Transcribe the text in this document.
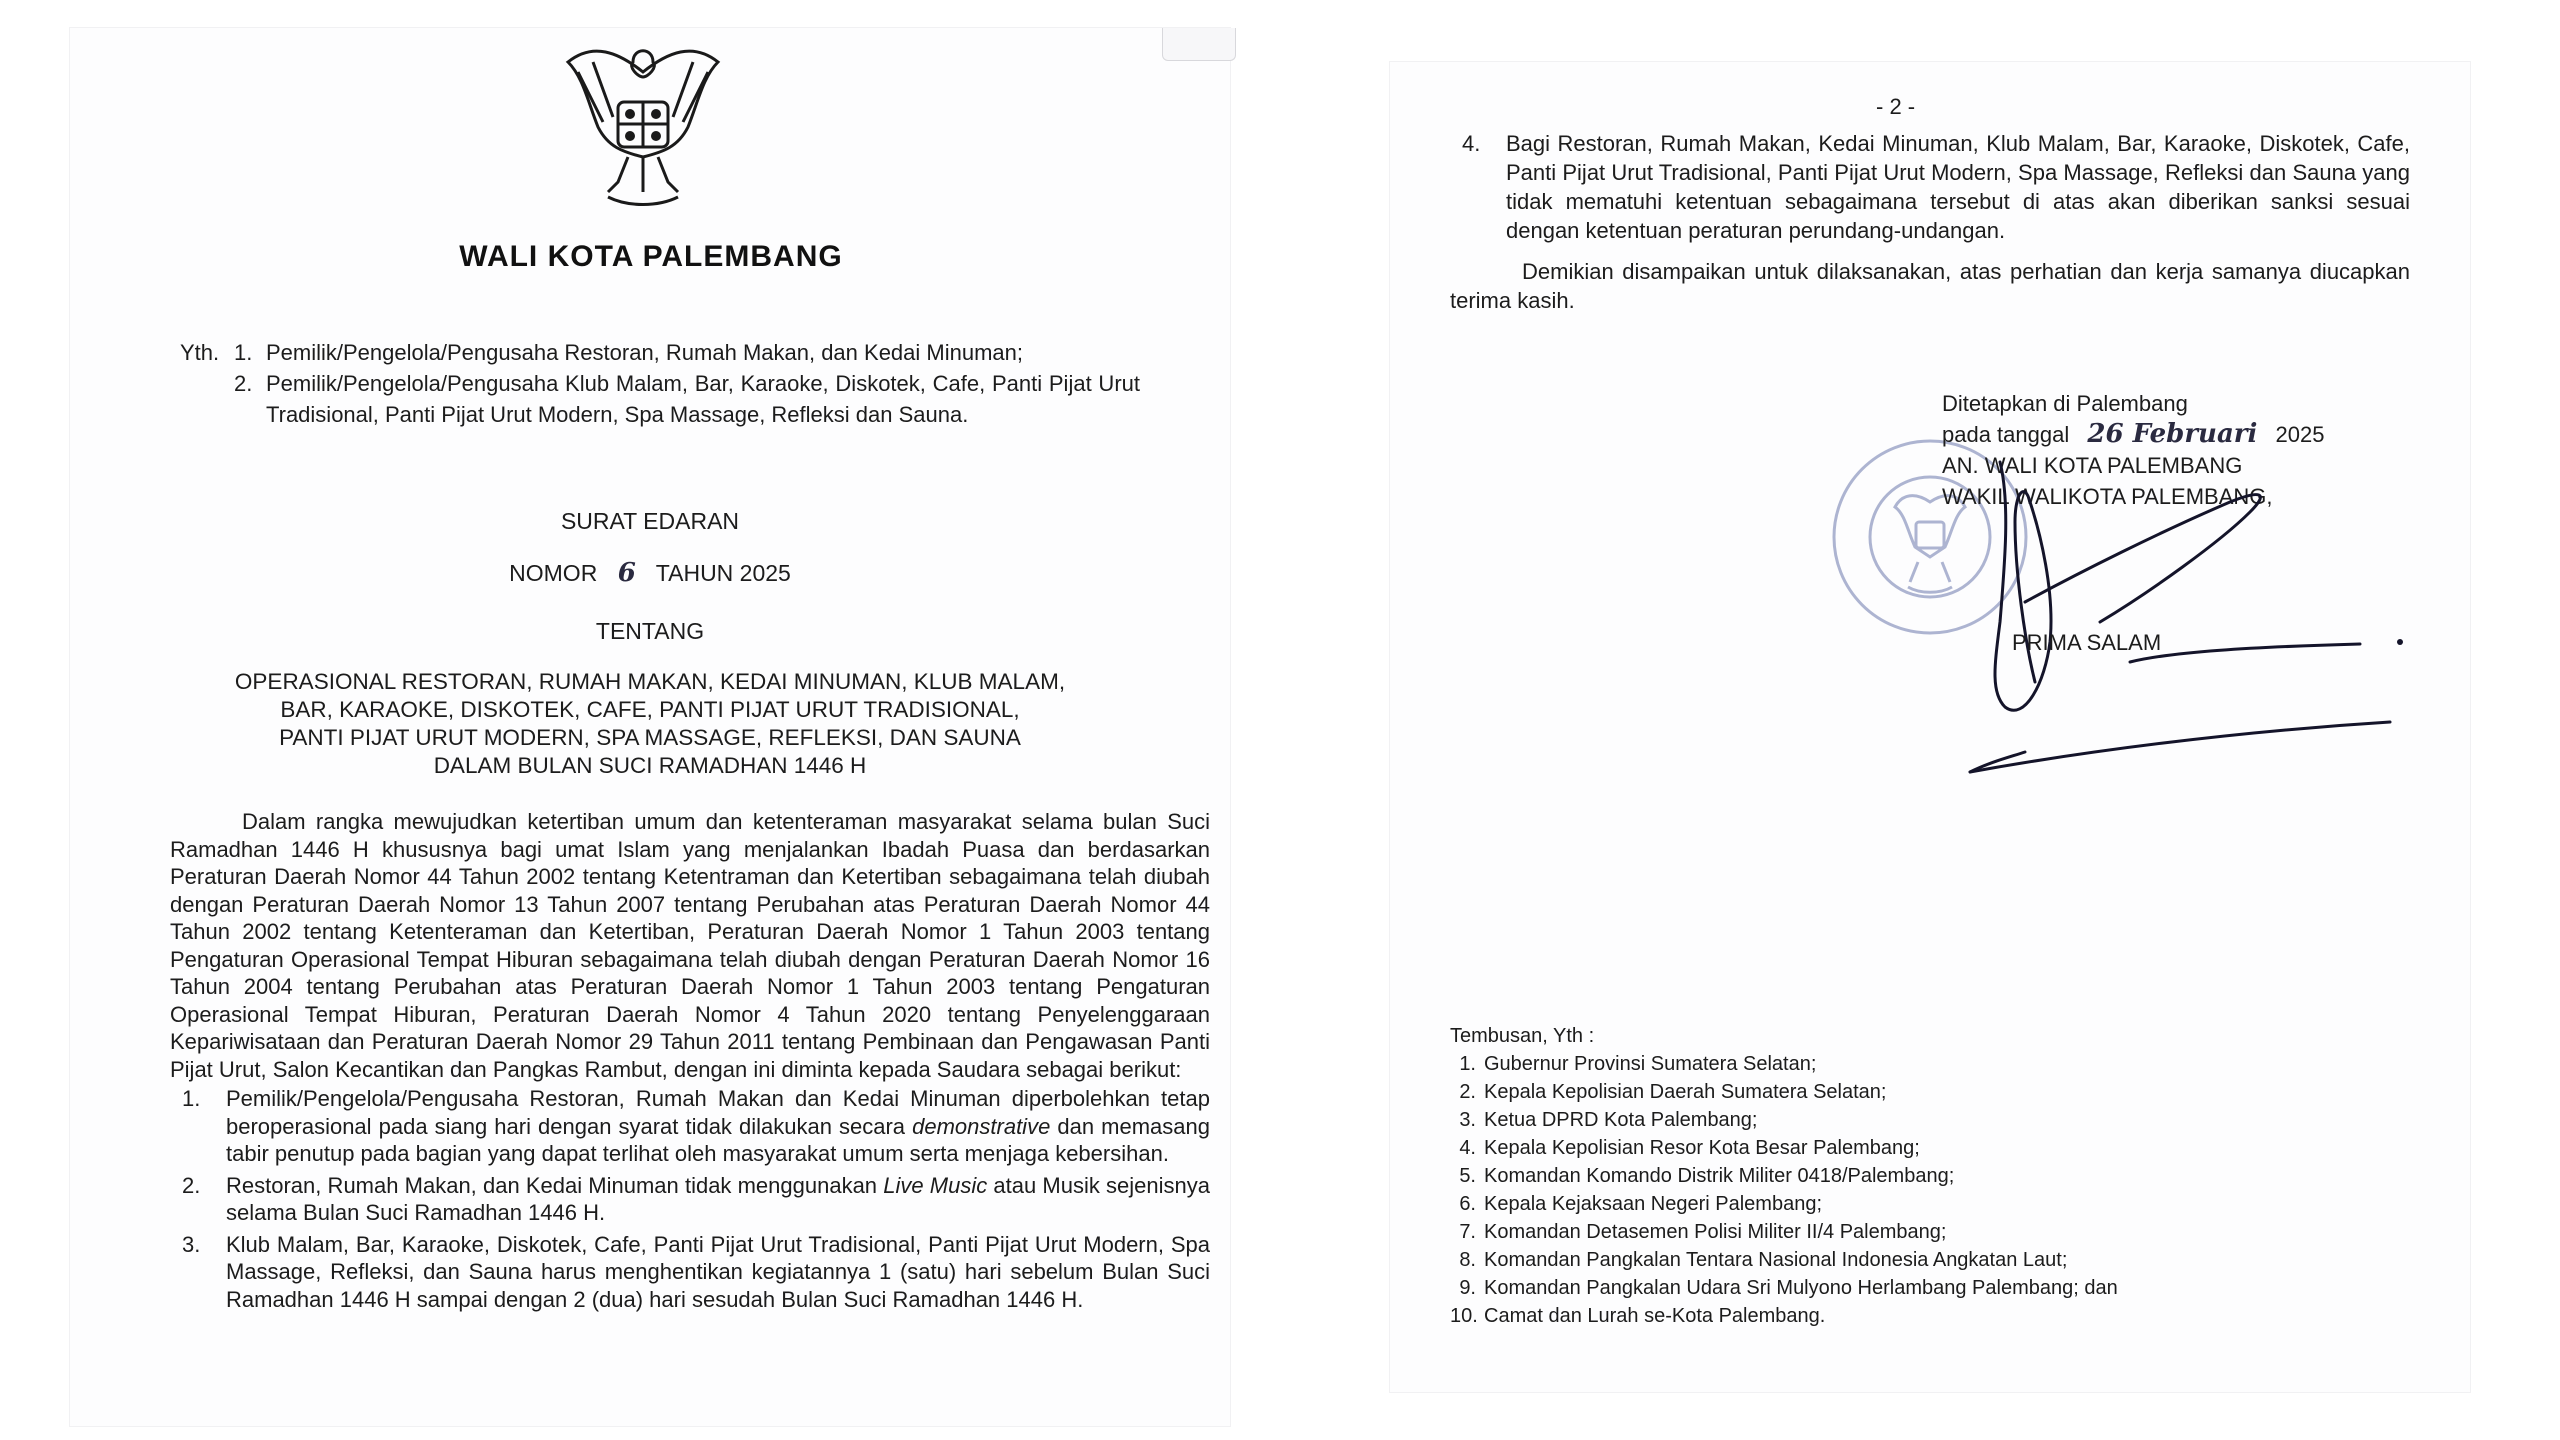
WALI KOTA PALEMBANG
Yth. 1. Pemilik/Pengelola/Pengusaha Restoran, Rumah Makan, dan Kedai Minuman;
2. Pemilik/Pengelola/Pengusaha Klub Malam, Bar, Karaoke, Diskotek, Cafe, Panti Pijat Urut Tradisional, Panti Pijat Urut Modern, Spa Massage, Refleksi dan Sauna.
SURAT EDARAN
NOMOR 6 TAHUN 2025
TENTANG
OPERASIONAL RESTORAN, RUMAH MAKAN, KEDAI MINUMAN, KLUB MALAM,
BAR, KARAOKE, DISKOTEK, CAFE, PANTI PIJAT URUT TRADISIONAL,
PANTI PIJAT URUT MODERN, SPA MASSAGE, REFLEKSI, DAN SAUNA
DALAM BULAN SUCI RAMADHAN 1446 H

Dalam rangka mewujudkan ketertiban umum dan ketenteraman masyarakat selama bulan Suci Ramadhan 1446 H khususnya bagi umat Islam yang menjalankan Ibadah Puasa dan berdasarkan Peraturan Daerah Nomor 44 Tahun 2002 tentang Ketentraman dan Ketertiban sebagaimana telah diubah dengan Peraturan Daerah Nomor 13 Tahun 2007 tentang Perubahan atas Peraturan Daerah Nomor 44 Tahun 2002 tentang Ketenteraman dan Ketertiban, Peraturan Daerah Nomor 1 Tahun 2003 tentang Pengaturan Operasional Tempat Hiburan sebagaimana telah diubah dengan Peraturan Daerah Nomor 16 Tahun 2004 tentang Perubahan atas Peraturan Daerah Nomor 1 Tahun 2003 tentang Pengaturan Operasional Tempat Hiburan, Peraturan Daerah Nomor 4 Tahun 2020 tentang Penyelenggaraan Kepariwisataan dan Peraturan Daerah Nomor 29 Tahun 2011 tentang Pembinaan dan Pengawasan Panti Pijat Urut, Salon Kecantikan dan Pangkas Rambut, dengan ini diminta kepada Saudara sebagai berikut:

1. Pemilik/Pengelola/Pengusaha Restoran, Rumah Makan dan Kedai Minuman diperbolehkan tetap beroperasional pada siang hari dengan syarat tidak dilakukan secara demonstrative dan memasang tabir penutup pada bagian yang dapat terlihat oleh masyarakat umum serta menjaga kebersihan.
2. Restoran, Rumah Makan, dan Kedai Minuman tidak menggunakan Live Music atau Musik sejenisnya selama Bulan Suci Ramadhan 1446 H.
3. Klub Malam, Bar, Karaoke, Diskotek, Cafe, Panti Pijat Urut Tradisional, Panti Pijat Urut Modern, Spa Massage, Refleksi, dan Sauna harus menghentikan kegiatannya 1 (satu) hari sebelum Bulan Suci Ramadhan 1446 H sampai dengan 2 (dua) hari sesudah Bulan Suci Ramadhan 1446 H.
- 2 -
4. Bagi Restoran, Rumah Makan, Kedai Minuman, Klub Malam, Bar, Karaoke, Diskotek, Cafe, Panti Pijat Urut Tradisional, Panti Pijat Urut Modern, Spa Massage, Refleksi dan Sauna yang tidak mematuhi ketentuan sebagaimana tersebut di atas akan diberikan sanksi sesuai dengan ketentuan peraturan perundang-undangan.

Demikian disampaikan untuk dilaksanakan, atas perhatian dan kerja samanya diucapkan terima kasih.

Ditetapkan di Palembang
pada tanggal 26 Februari 2025
AN. WALI KOTA PALEMBANG
WAKIL WALIKOTA PALEMBANG,
PRIMA SALAM
Tembusan, Yth :
1. Gubernur Provinsi Sumatera Selatan;
2. Kepala Kepolisian Daerah Sumatera Selatan;
3. Ketua DPRD Kota Palembang;
4. Kepala Kepolisian Resor Kota Besar Palembang;
5. Komandan Komando Distrik Militer 0418/Palembang;
6. Kepala Kejaksaan Negeri Palembang;
7. Komandan Detasemen Polisi Militer II/4 Palembang;
8. Komandan Pangkalan Tentara Nasional Indonesia Angkatan Laut;
9. Komandan Pangkalan Udara Sri Mulyono Herlambang Palembang; dan
10. Camat dan Lurah se-Kota Palembang.
